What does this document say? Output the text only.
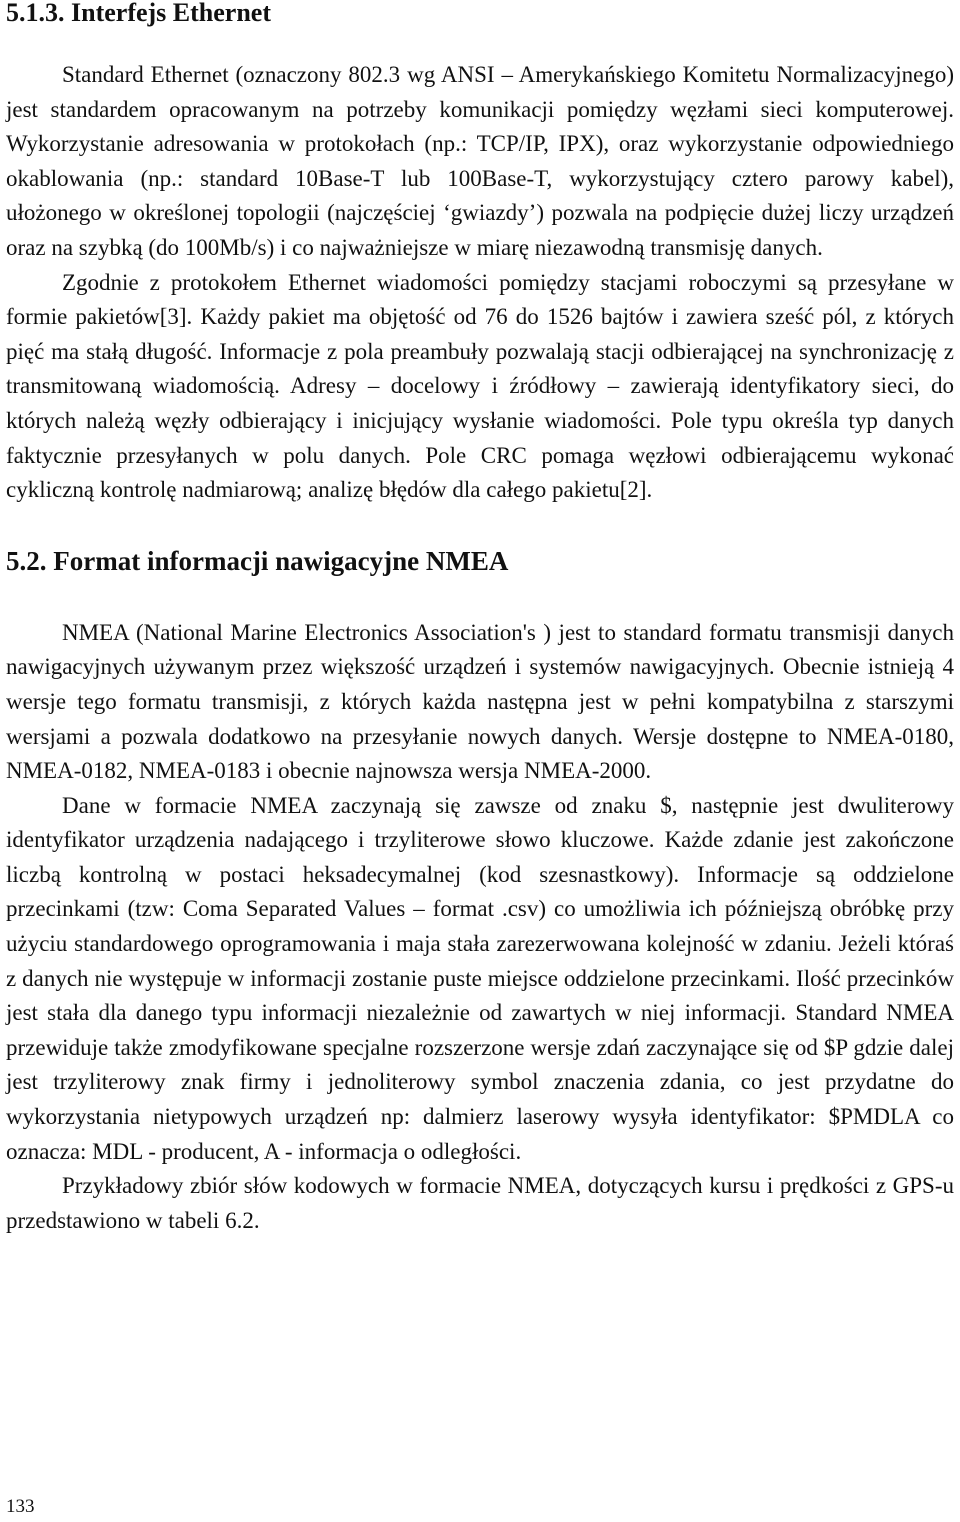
5.1.3. Interfejs Ethernet

Standard Ethernet (oznaczony 802.3 wg ANSI – Amerykańskiego Komitetu Normalizacyjnego) jest standardem opracowanym na potrzeby komunikacji pomiędzy węzłami sieci komputerowej. Wykorzystanie adresowania w protokołach (np.: TCP/IP, IPX), oraz wykorzystanie odpowiedniego okablowania (np.: standard 10Base-T lub 100Base-T, wykorzystujący cztero parowy kabel), ułożonego w określonej topologii (najczęściej ‘gwiazdy’) pozwala na podpięcie dużej liczy urządzeń oraz na szybką (do 100Mb/s) i co najważniejsze w miarę niezawodną transmisję danych.

Zgodnie z protokołem Ethernet wiadomości pomiędzy stacjami roboczymi są przesyłane w formie pakietów[3]. Każdy pakiet ma objętość od 76 do 1526 bajtów i zawiera sześć pól, z których pięć ma stałą długość. Informacje z pola preambuły pozwalają stacji odbierającej na synchronizację z transmitowaną wiadomością. Adresy – docelowy i źródłowy – zawierają identyfikatory sieci, do których należą węzły odbierający i inicjujący wysłanie wiadomości. Pole typu określa typ danych faktycznie przesyłanych w polu danych. Pole CRC pomaga węzłowi odbierającemu wykonać cykliczną kontrolę nadmiarową; analizę błędów dla całego pakietu[2].

5.2. Format informacji nawigacyjne NMEA

NMEA (National Marine Electronics Association's ) jest to standard formatu transmisji danych nawigacyjnych używanym przez większość urządzeń i systemów nawigacyjnych. Obecnie istnieją 4 wersje tego formatu transmisji, z których każda następna jest w pełni kompatybilna z starszymi wersjami a pozwala dodatkowo na przesyłanie nowych danych. Wersje dostępne to NMEA-0180, NMEA-0182, NMEA-0183 i obecnie najnowsza wersja NMEA-2000.

Dane w formacie NMEA zaczynają się zawsze od znaku $, następnie jest dwuliterowy identyfikator urządzenia nadającego i trzyliterowe słowo kluczowe. Każde zdanie jest zakończone liczbą kontrolną w postaci heksadecymalnej (kod szesnastkowy). Informacje są oddzielone przecinkami (tzw: Coma Separated Values – format .csv) co umożliwia ich późniejszą obróbkę przy użyciu standardowego oprogramowania i maja stała zarezerwowana kolejność w zdaniu. Jeżeli któraś z danych nie występuje w informacji zostanie puste miejsce oddzielone przecinkami. Ilość przecinków jest stała dla danego typu informacji niezależnie od zawartych w niej informacji. Standard NMEA przewiduje także zmodyfikowane specjalne rozszerzone wersje zdań zaczynające się od $P gdzie dalej jest trzyliterowy znak firmy i jednoliterowy symbol znaczenia zdania, co jest przydatne do wykorzystania nietypowych urządzeń np: dalmierz laserowy wysyła identyfikator: $PMDLA co oznacza: MDL - producent, A - informacja o odległości.

Przykładowy zbiór słów kodowych w formacie NMEA, dotyczących kursu i prędkości z GPS-u przedstawiono w tabeli 6.2.

133
